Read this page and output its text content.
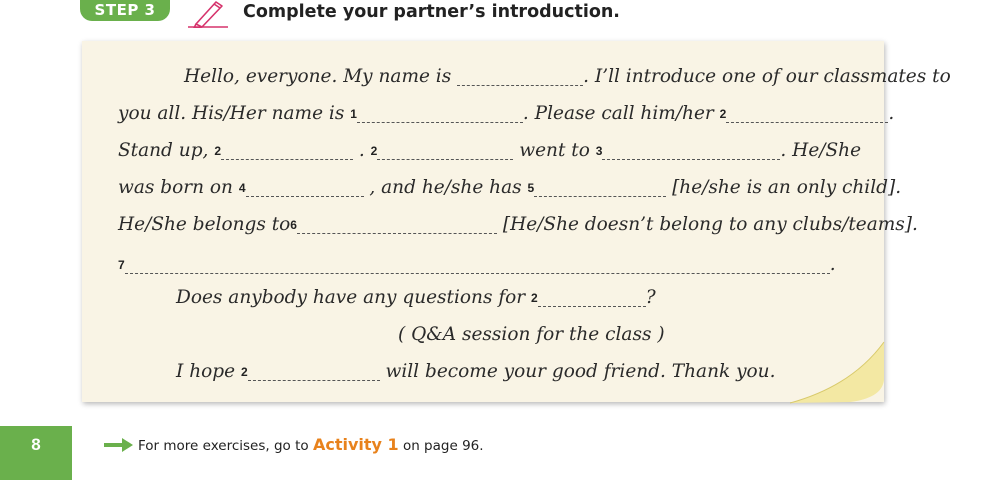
STEP 3	Complete your partner’s introduction.
Hello, everyone. My name is	. I’ll introduce one of our classmates to
you all. His/Her name is 1	. Please call him/her 2	.
Stand up, 2	. 2	went to 3	. He/She
was born on 4	, and he/she has 5	[he/she is an only child].
He/She belongs to6	[He/She doesn’t belong to any clubs/teams].
7	.
Does anybody have any questions for 2	?
( Q&A session for the class )
I hope 2	will become your good friend. Thank you.
8	For more exercises, go to Activity 1 on page 96.
